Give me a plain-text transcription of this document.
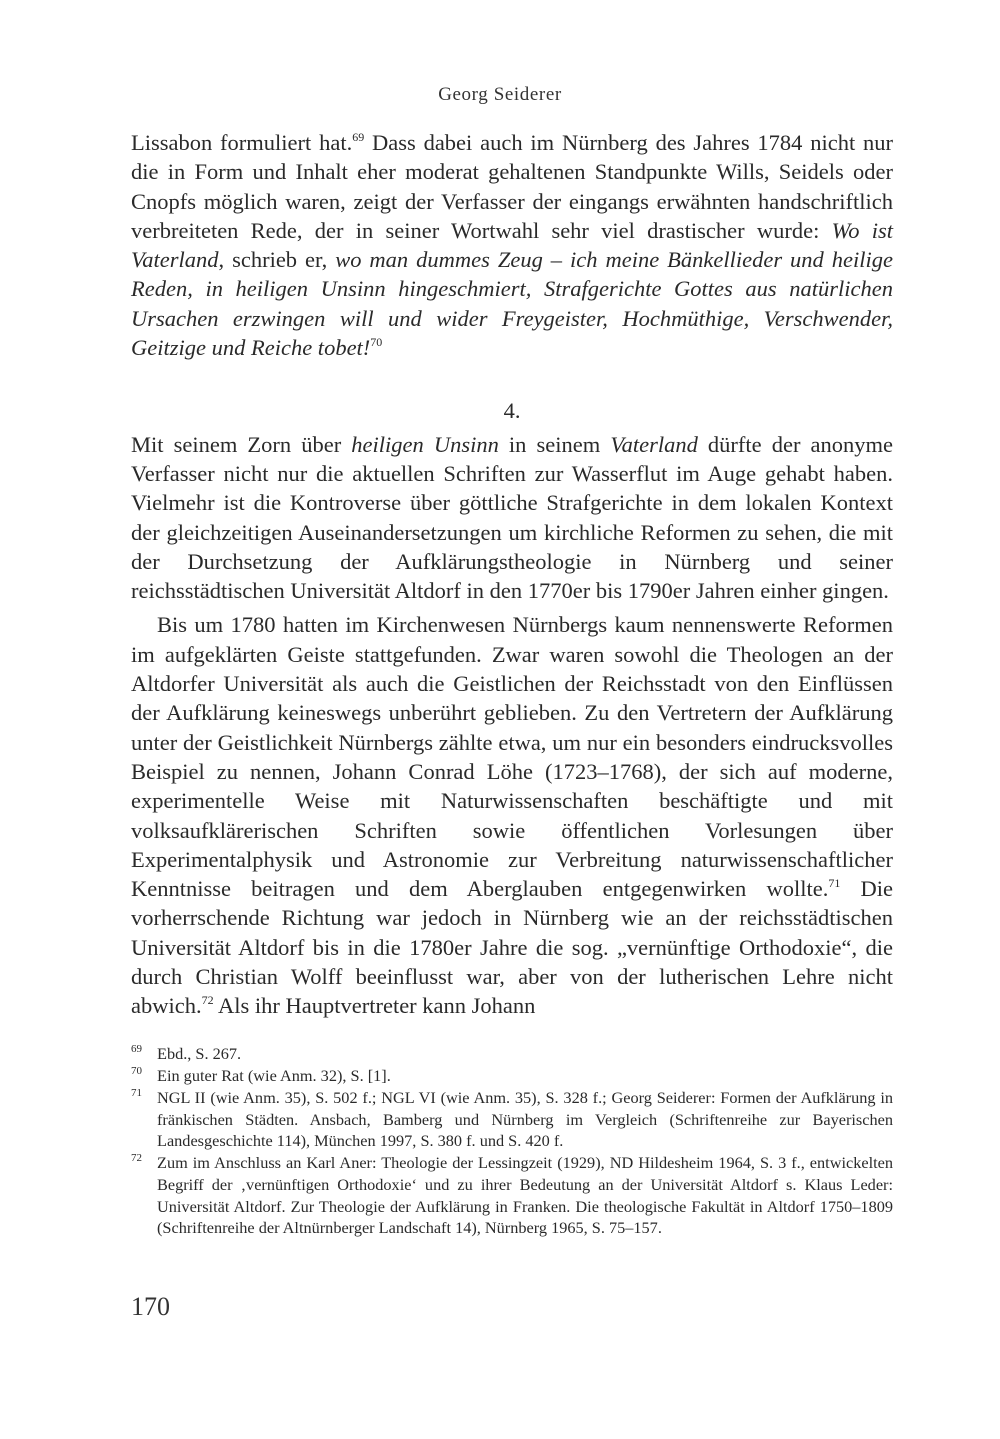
Georg Seiderer

Lissabon formuliert hat.$^{69}$ Dass dabei auch im Nürnberg des Jahres 1784 nicht nur die in Form und Inhalt eher moderat gehaltenen Standpunkte Wills, Seidels oder Cnopfs möglich waren, zeigt der Verfasser der eingangs erwähnten handschriftlich verbreiteten Rede, der in seiner Wortwahl sehr viel drastischer wurde: Wo ist Vaterland, schrieb er, wo man dummes Zeug – ich meine Bänkellieder und heilige Reden, in heiligen Unsinn hingeschmiert, Strafgerichte Gottes aus natürlichen Ursachen erzwingen will und wider Freygeister, Hochmüthige, Verschwender, Geitzige und Reiche tobet!$^{70}$

4.

Mit seinem Zorn über heiligen Unsinn in seinem Vaterland dürfte der anonyme Verfasser nicht nur die aktuellen Schriften zur Wasserflut im Auge gehabt haben. Vielmehr ist die Kontroverse über göttliche Strafgerichte in dem lokalen Kontext der gleichzeitigen Auseinandersetzungen um kirchliche Reformen zu sehen, die mit der Durchsetzung der Aufklärungstheologie in Nürnberg und seiner reichsstädtischen Universität Altdorf in den 1770er bis 1790er Jahren einher gingen.

Bis um 1780 hatten im Kirchenwesen Nürnbergs kaum nennenswerte Reformen im aufgeklärten Geiste stattgefunden. Zwar waren sowohl die Theologen an der Altdorfer Universität als auch die Geistlichen der Reichsstadt von den Einflüssen der Aufklärung keineswegs unberührt geblieben. Zu den Vertretern der Aufklärung unter der Geistlichkeit Nürnbergs zählte etwa, um nur ein besonders eindrucksvolles Beispiel zu nennen, Johann Conrad Löhe (1723–1768), der sich auf moderne, experimentelle Weise mit Naturwissenschaften beschäftigte und mit volksaufklärerischen Schriften sowie öffentlichen Vorlesungen über Experimentalphysik und Astronomie zur Verbreitung naturwissenschaftlicher Kenntnisse beitragen und dem Aberglauben entgegenwirken wollte.$^{71}$ Die vorherrschende Richtung war jedoch in Nürnberg wie an der reichsstädtischen Universität Altdorf bis in die 1780er Jahre die sog. „vernünftige Orthodoxie“, die durch Christian Wolff beeinflusst war, aber von der lutherischen Lehre nicht abwich.$^{72}$ Als ihr Hauptvertreter kann Johann

69 Ebd., S. 267.
70 Ein guter Rat (wie Anm. 32), S. [1].
71 NGL II (wie Anm. 35), S. 502 f.; NGL VI (wie Anm. 35), S. 328 f.; Georg Seiderer: Formen der Aufklärung in fränkischen Städten. Ansbach, Bamberg und Nürnberg im Vergleich (Schriftenreihe zur Bayerischen Landesgeschichte 114), München 1997, S. 380 f. und S. 420 f.
72 Zum im Anschluss an Karl Aner: Theologie der Lessingzeit (1929), ND Hildesheim 1964, S. 3 f., entwickelten Begriff der ‚vernünftigen Orthodoxie‘ und zu ihrer Bedeutung an der Universität Altdorf s. Klaus Leder: Universität Altdorf. Zur Theologie der Aufklärung in Franken. Die theologische Fakultät in Altdorf 1750–1809 (Schriftenreihe der Altnürnberger Landschaft 14), Nürnberg 1965, S. 75–157.
170
